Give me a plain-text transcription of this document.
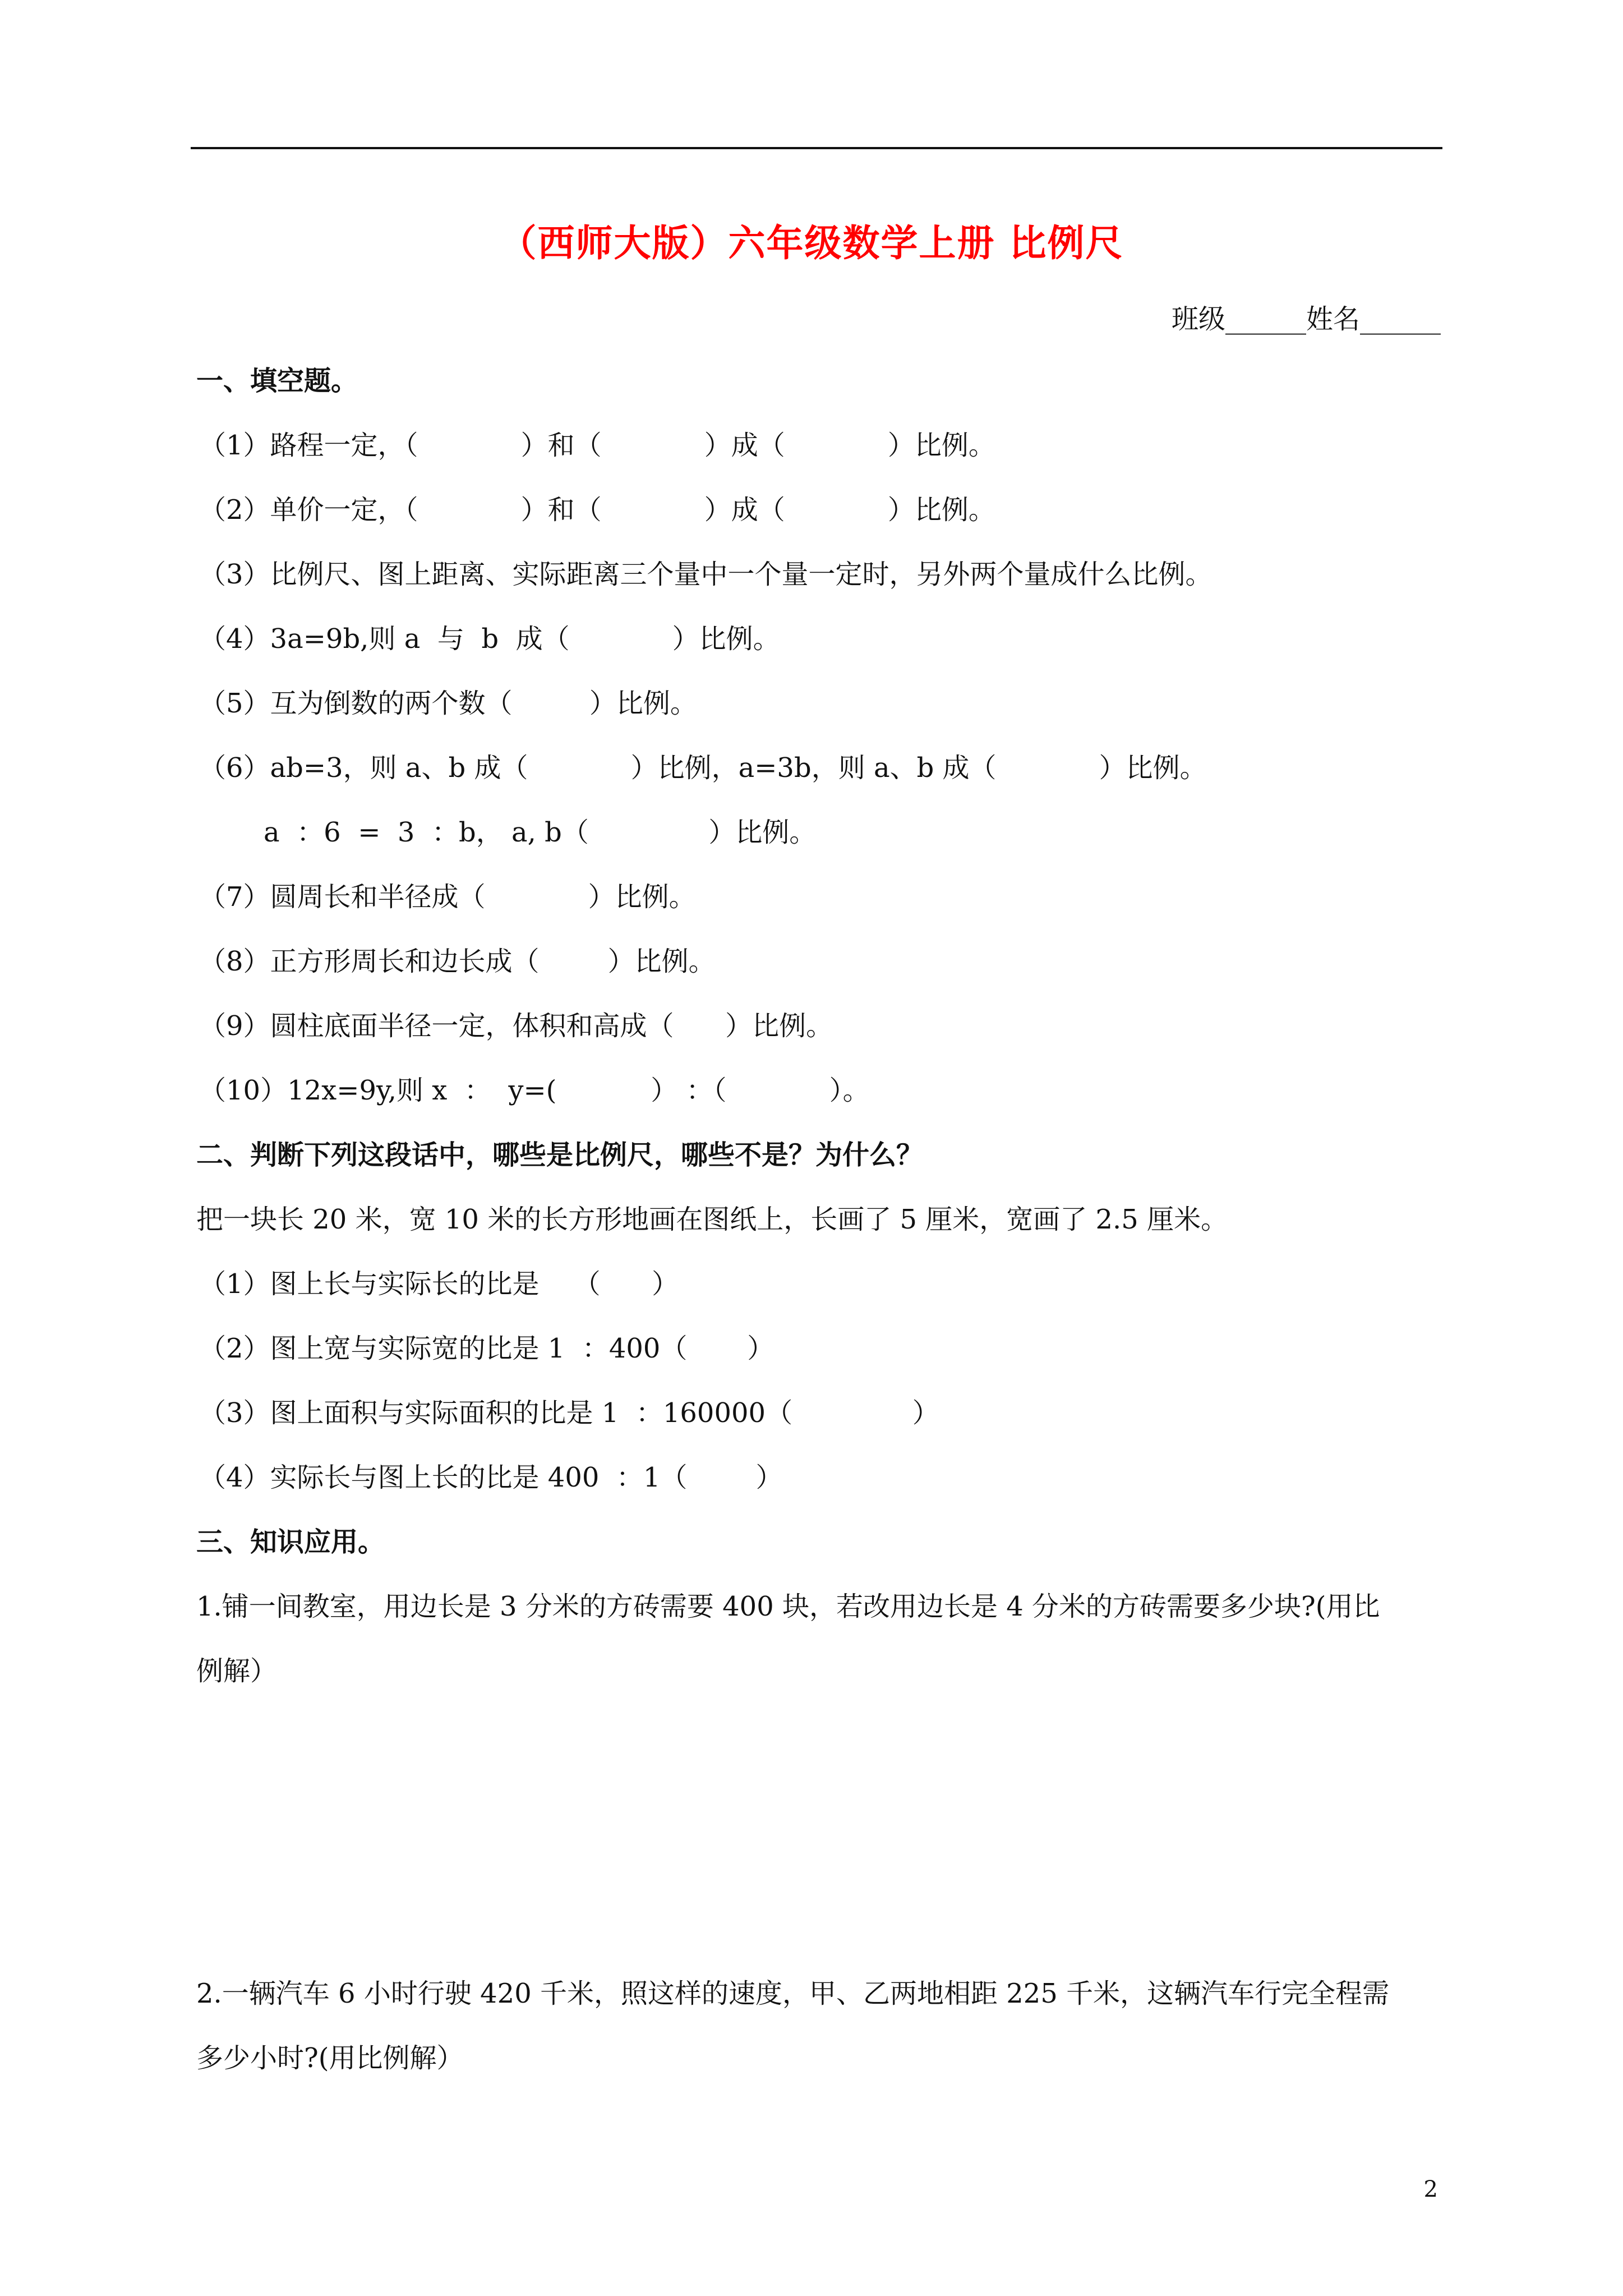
（西师大版）六年级数学上册 比例尺
班级______姓名______
一、填空题。
（1）路程一定，（            ）和（            ）成（            ）比例。
（2）单价一定，（            ）和（            ）成（            ）比例。
（3）比例尺、图上距离、实际距离三个量中一个量一定时，另外两个量成什么比例。
（4）3a=9b,则 a  与  b  成（            ）比例。
（5）互为倒数的两个数（         ）比例。
（6）ab=3，则 a、b 成（            ）比例，a=3b，则 a、b 成（            ）比例。
a  ：6  =  3  ：b， a, b（              ）比例。
（7）圆周长和半径成（            ）比例。
（8）正方形周长和边长成（        ）比例。
（9）圆柱底面半径一定，体积和高成（      ）比例。
（10）12x=9y,则 x  ：  y=(           ） ：（            ）。
二、判断下列这段话中，哪些是比例尺，哪些不是？为什么？
把一块长 20 米，宽 10 米的长方形地画在图纸上，长画了 5 厘米，宽画了 2.5 厘米。
（1）图上长与实际长的比是    （      ）
（2）图上宽与实际宽的比是 1  ：400（       ）
（3）图上面积与实际面积的比是 1  ：160000（              ）
（4）实际长与图上长的比是 400  ：1（        ）
三、知识应用。
1.铺一间教室，用边长是 3 分米的方砖需要 400 块，若改用边长是 4 分米的方砖需要多少块?(用比
例解）
2.一辆汽车 6 小时行驶 420 千米，照这样的速度，甲、乙两地相距 225 千米，这辆汽车行完全程需
多少小时?(用比例解）
2
